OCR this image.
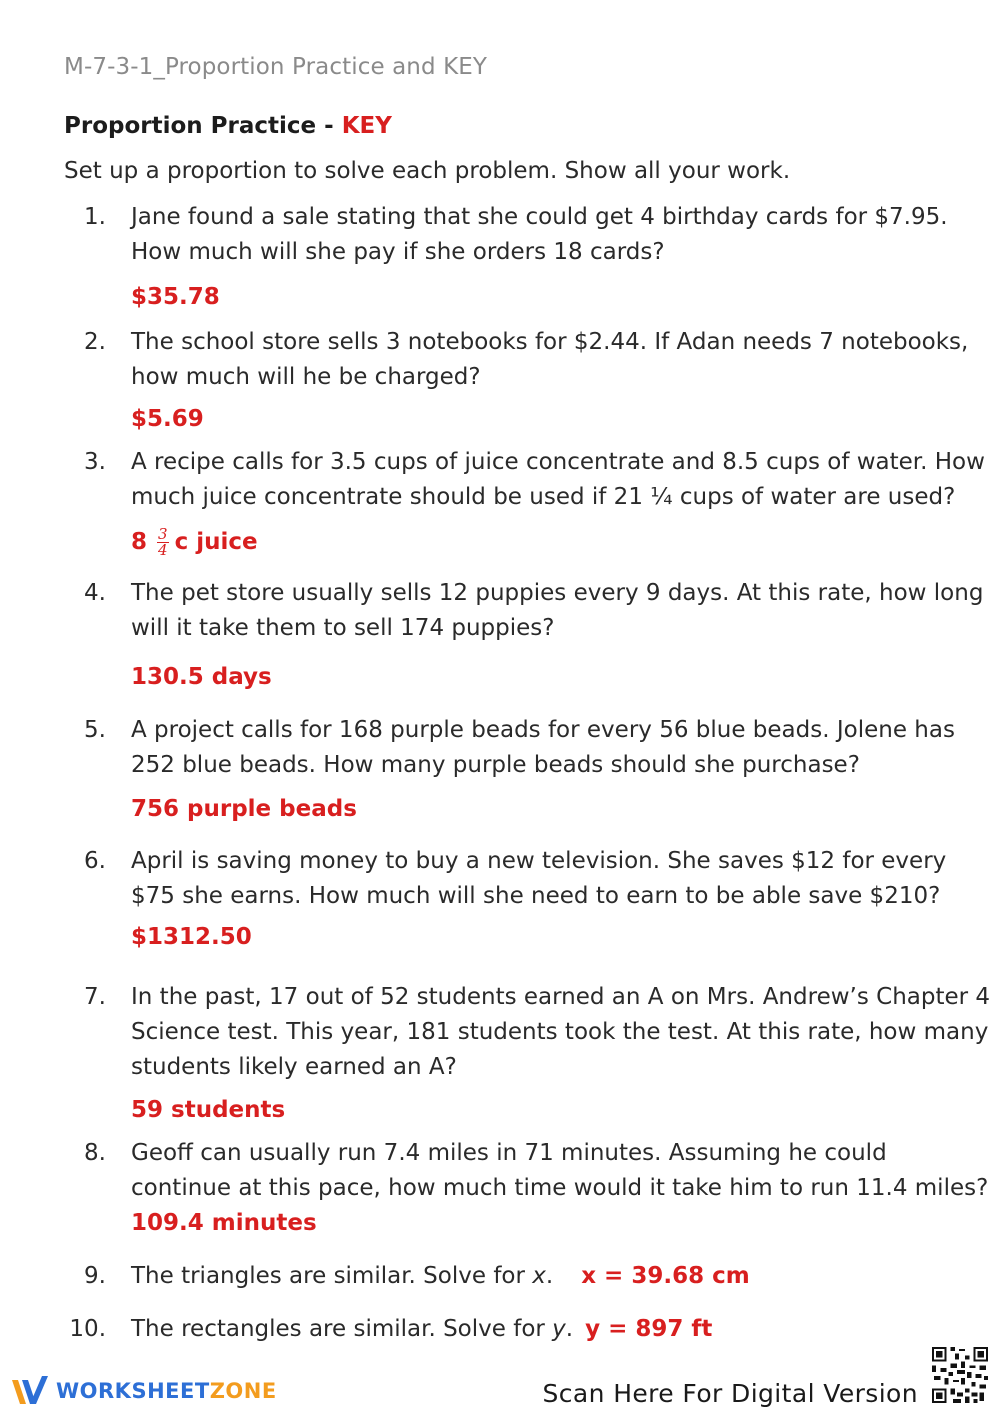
M-7-3-1_Proportion Practice and KEY
Proportion Practice - KEY
Set up a proportion to solve each problem. Show all your work.
1. Jane found a sale stating that she could get 4 birthday cards for $7.95. How much will she pay if she orders 18 cards?
$35.78
2. The school store sells 3 notebooks for $2.44. If Adan needs 7 notebooks, how much will he be charged?
$5.69
3. A recipe calls for 3.5 cups of juice concentrate and 8.5 cups of water. How much juice concentrate should be used if 21 ¼ cups of water are used?
$8 \frac{3}{4}$ c juice
4. The pet store usually sells 12 puppies every 9 days. At this rate, how long will it take them to sell 174 puppies?
130.5 days
5. A project calls for 168 purple beads for every 56 blue beads. Jolene has 252 blue beads. How many purple beads should she purchase?
756 purple beads
6. April is saving money to buy a new television. She saves $12 for every $75 she earns. How much will she need to earn to be able save $210?
$1312.50
7. In the past, 17 out of 52 students earned an A on Mrs. Andrew’s Chapter 4 Science test. This year, 181 students took the test. At this rate, how many students likely earned an A?
59 students
8. Geoff can usually run 7.4 miles in 71 minutes. Assuming he could continue at this pace, how much time would it take him to run 11.4 miles?
109.4 minutes
9. The triangles are similar. Solve for x. x = 39.68 cm
10. The rectangles are similar. Solve for y. y = 897 ft
WORKSHEETZONE	Scan Here For Digital Version
